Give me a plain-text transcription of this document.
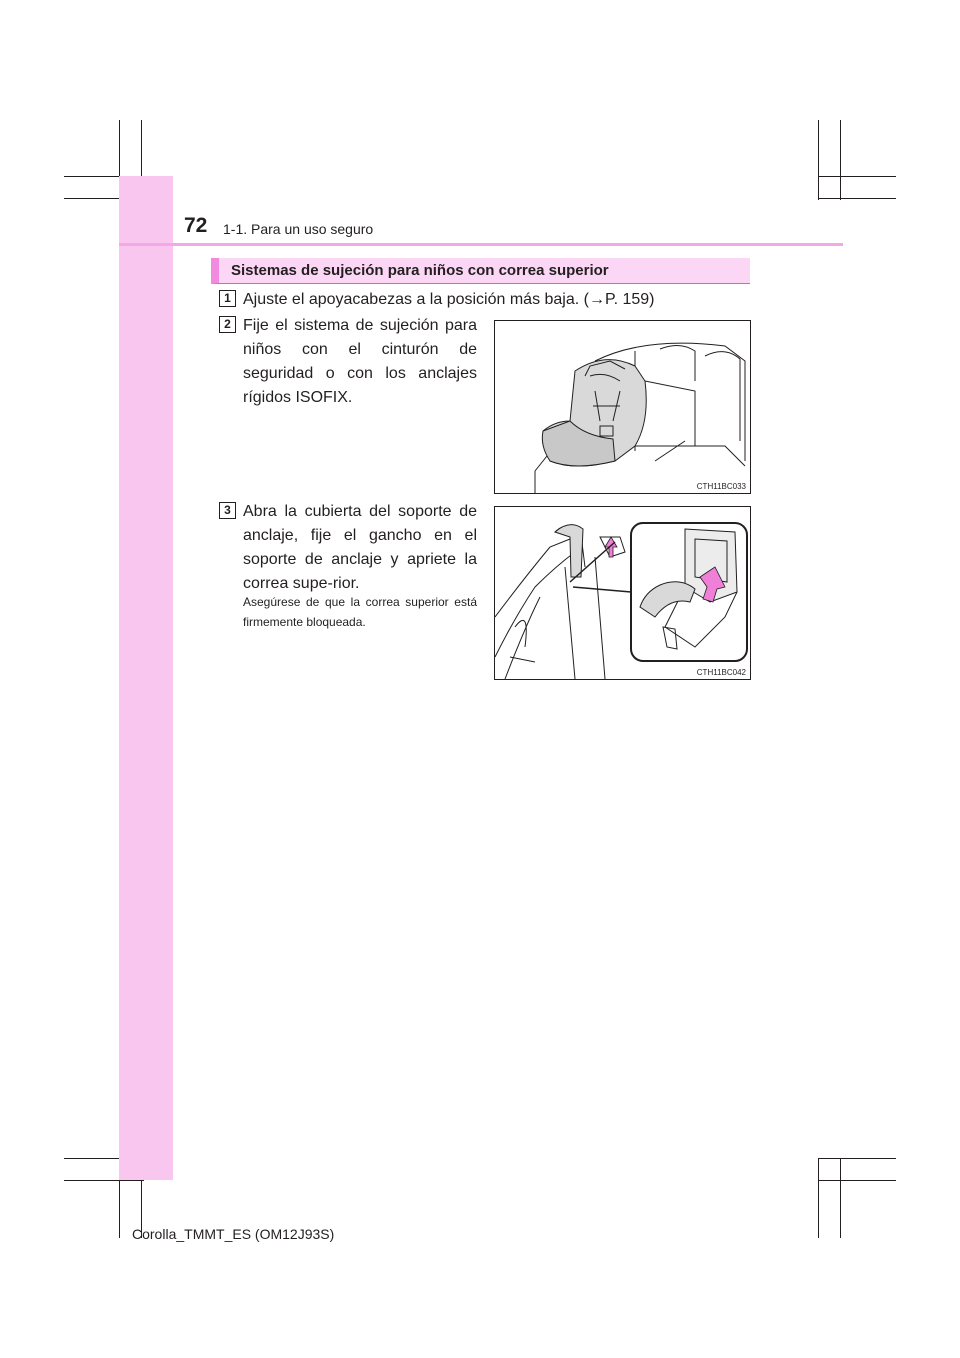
72 1-1. Para un uso seguro
Sistemas de sujeción para niños con correa superior
1 Ajuste el apoyacabezas a la posición más baja. (→P. 159)
2 Fije el sistema de sujeción para niños con el cinturón de seguridad o con los anclajes rígidos ISOFIX.
CTH11BC033
3 Abra la cubierta del soporte de anclaje, fije el gancho en el soporte de anclaje y apriete la correa supe-rior.
Asegúrese de que la correa superior está firmemente bloqueada.
CTH11BC042
Corolla_TMMT_ES (OM12J93S)
